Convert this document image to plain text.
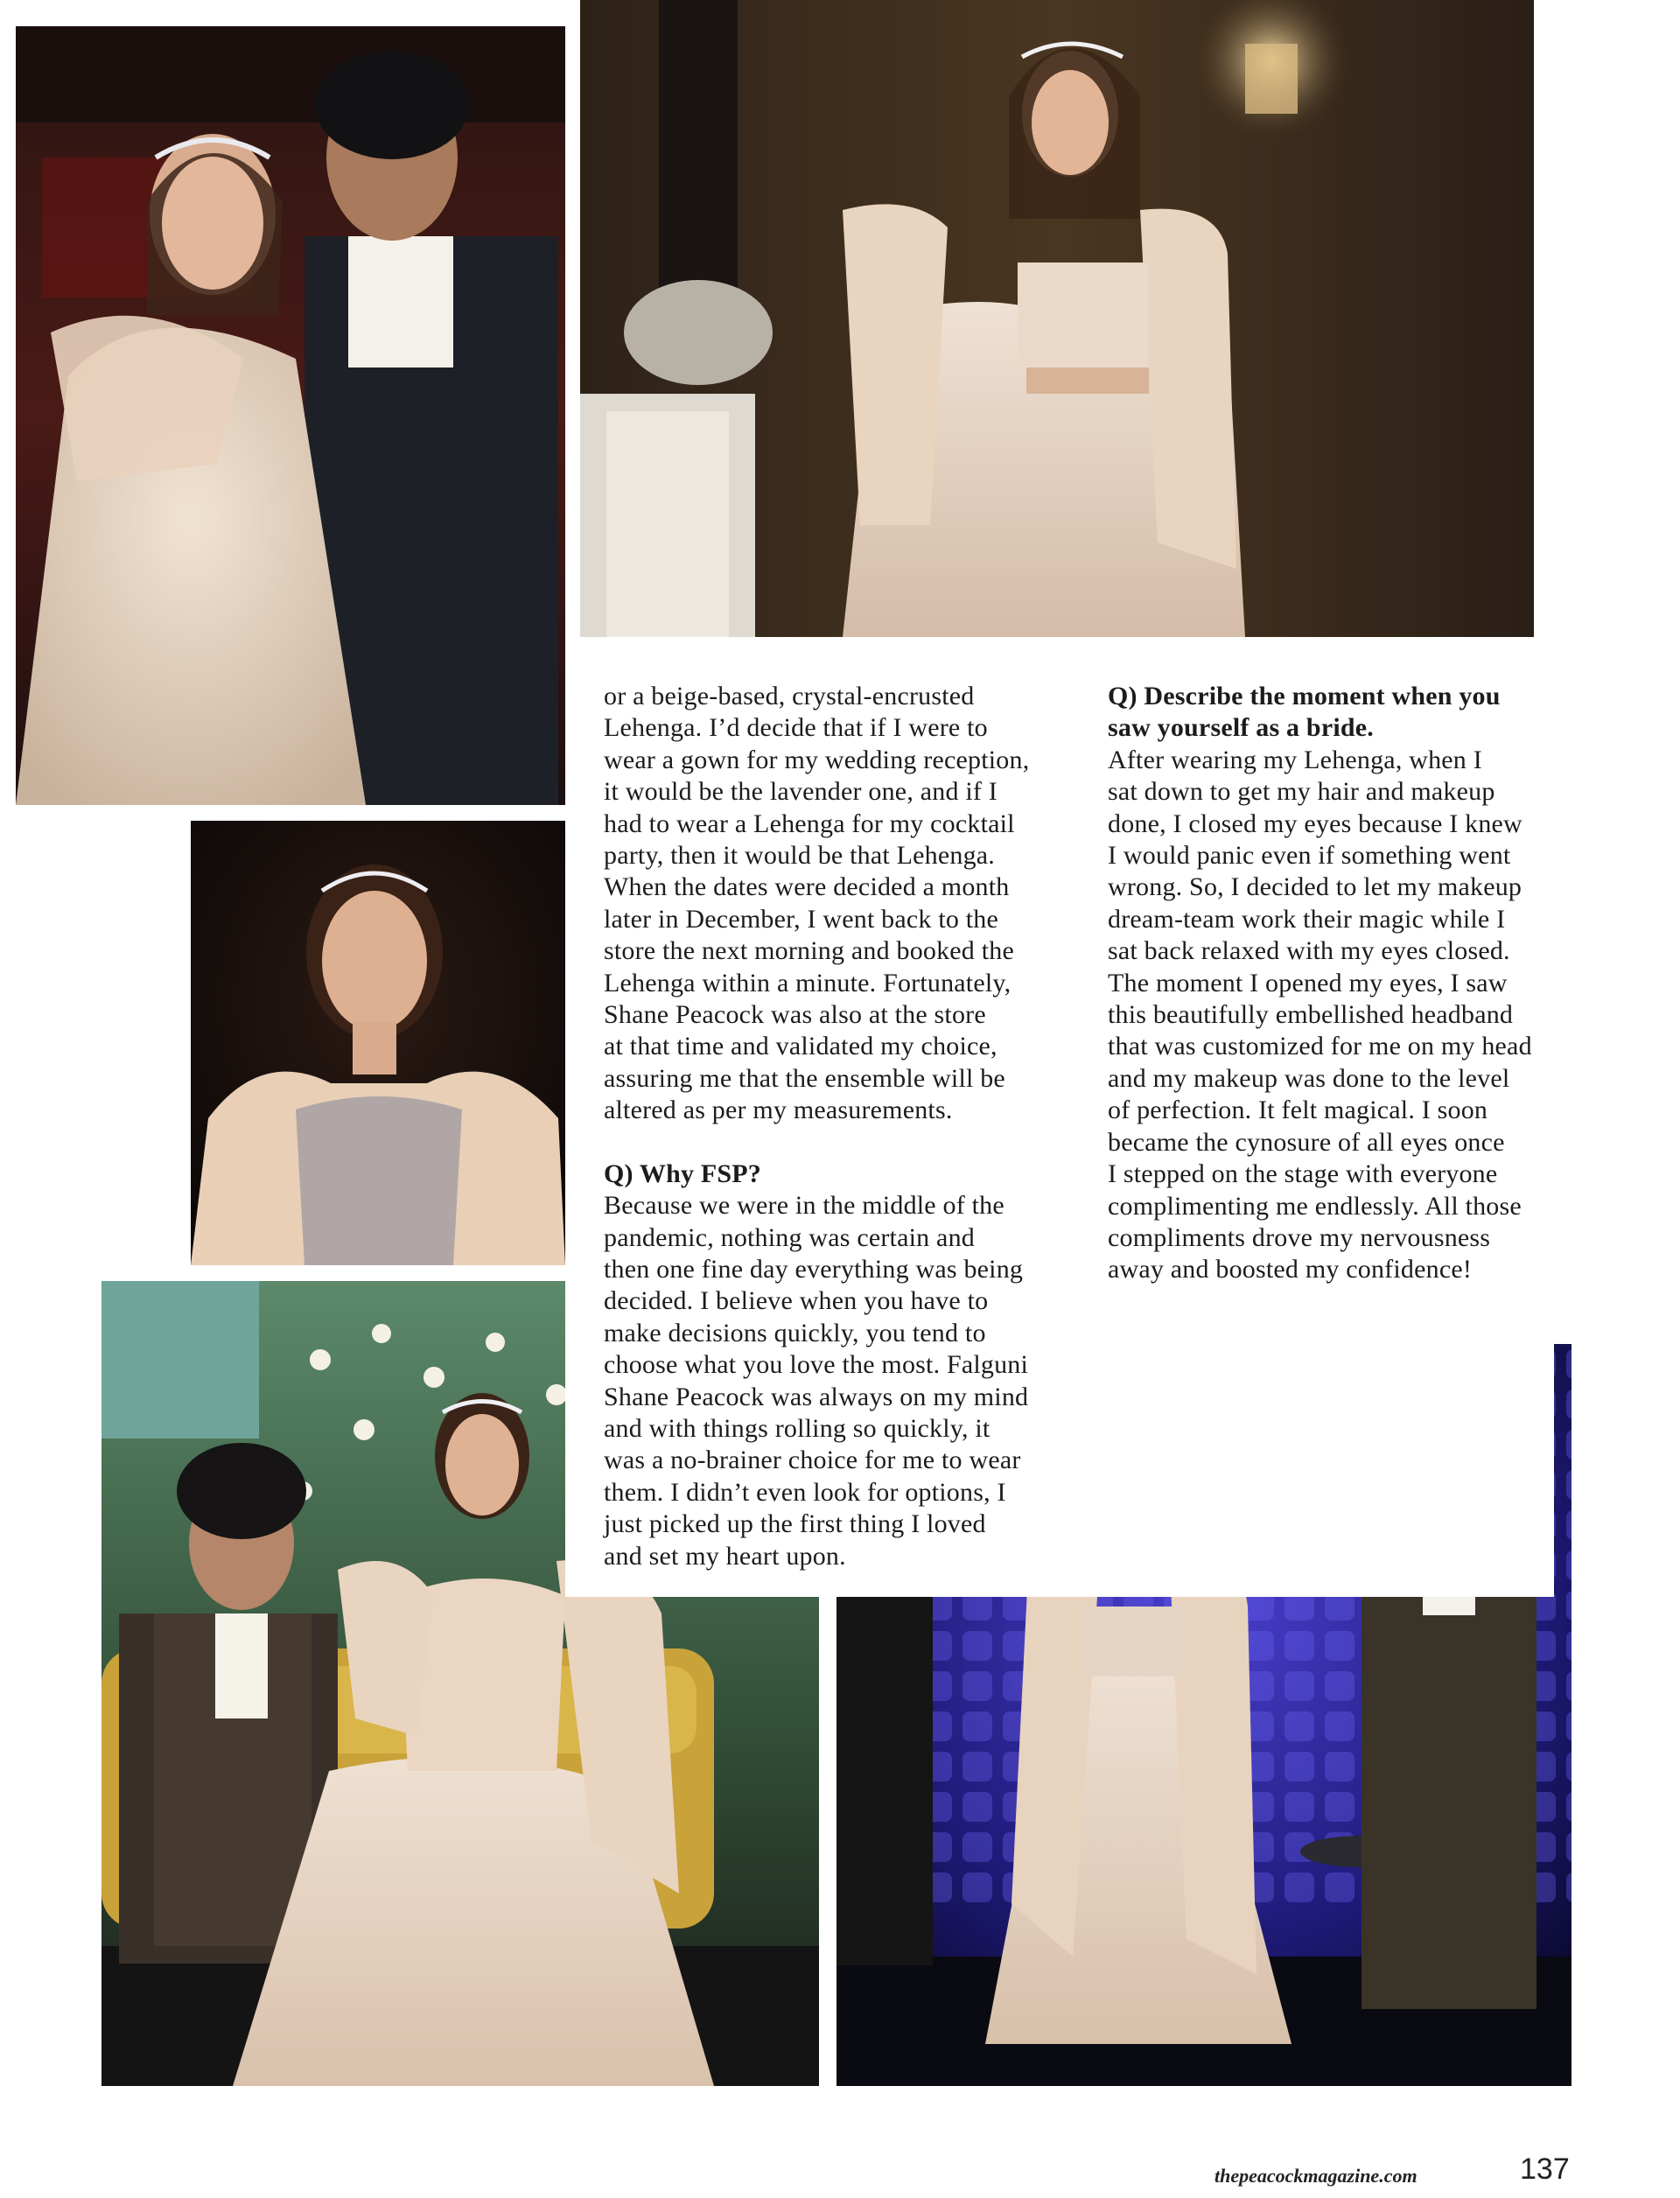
or a beige-based, crystal-encrusted

Lehenga. I’d decide that if I were to

wear a gown for my wedding reception,

it would be the lavender one, and if I

had to wear a Lehenga for my cocktail

party, then it would be that Lehenga.

When the dates were decided a month

later in December, I went back to the

store the next morning and booked the

Lehenga within a minute. Fortunately,

Shane Peacock was also at the store

at that time and validated my choice,

assuring me that the ensemble will be

altered as per my measurements.

Q) Why FSP?

Because we were in the middle of the

pandemic, nothing was certain and

then one fine day everything was being

decided. I believe when you have to

make decisions quickly, you tend to

choose what you love the most. Falguni

Shane Peacock was always on my mind

and with things rolling so quickly, it

was a no-brainer choice for me to wear

them. I didn’t even look for options, I

just picked up the first thing I loved

and set my heart upon.

Q) Describe the moment when you

saw yourself as a bride.

After wearing my Lehenga, when I

sat down to get my hair and makeup

done, I closed my eyes because I knew

I would panic even if something went

wrong. So, I decided to let my makeup

dream-team work their magic while I

sat back relaxed with my eyes closed.

The moment I opened my eyes, I saw

this beautifully embellished headband

that was customized for me on my head

and my makeup was done to the level

of perfection. It felt magical. I soon

became the cynosure of all eyes once

I stepped on the stage with everyone

complimenting me endlessly. All those

compliments drove my nervousness

away and boosted my confidence!

thepeacockmagazine.com	137
